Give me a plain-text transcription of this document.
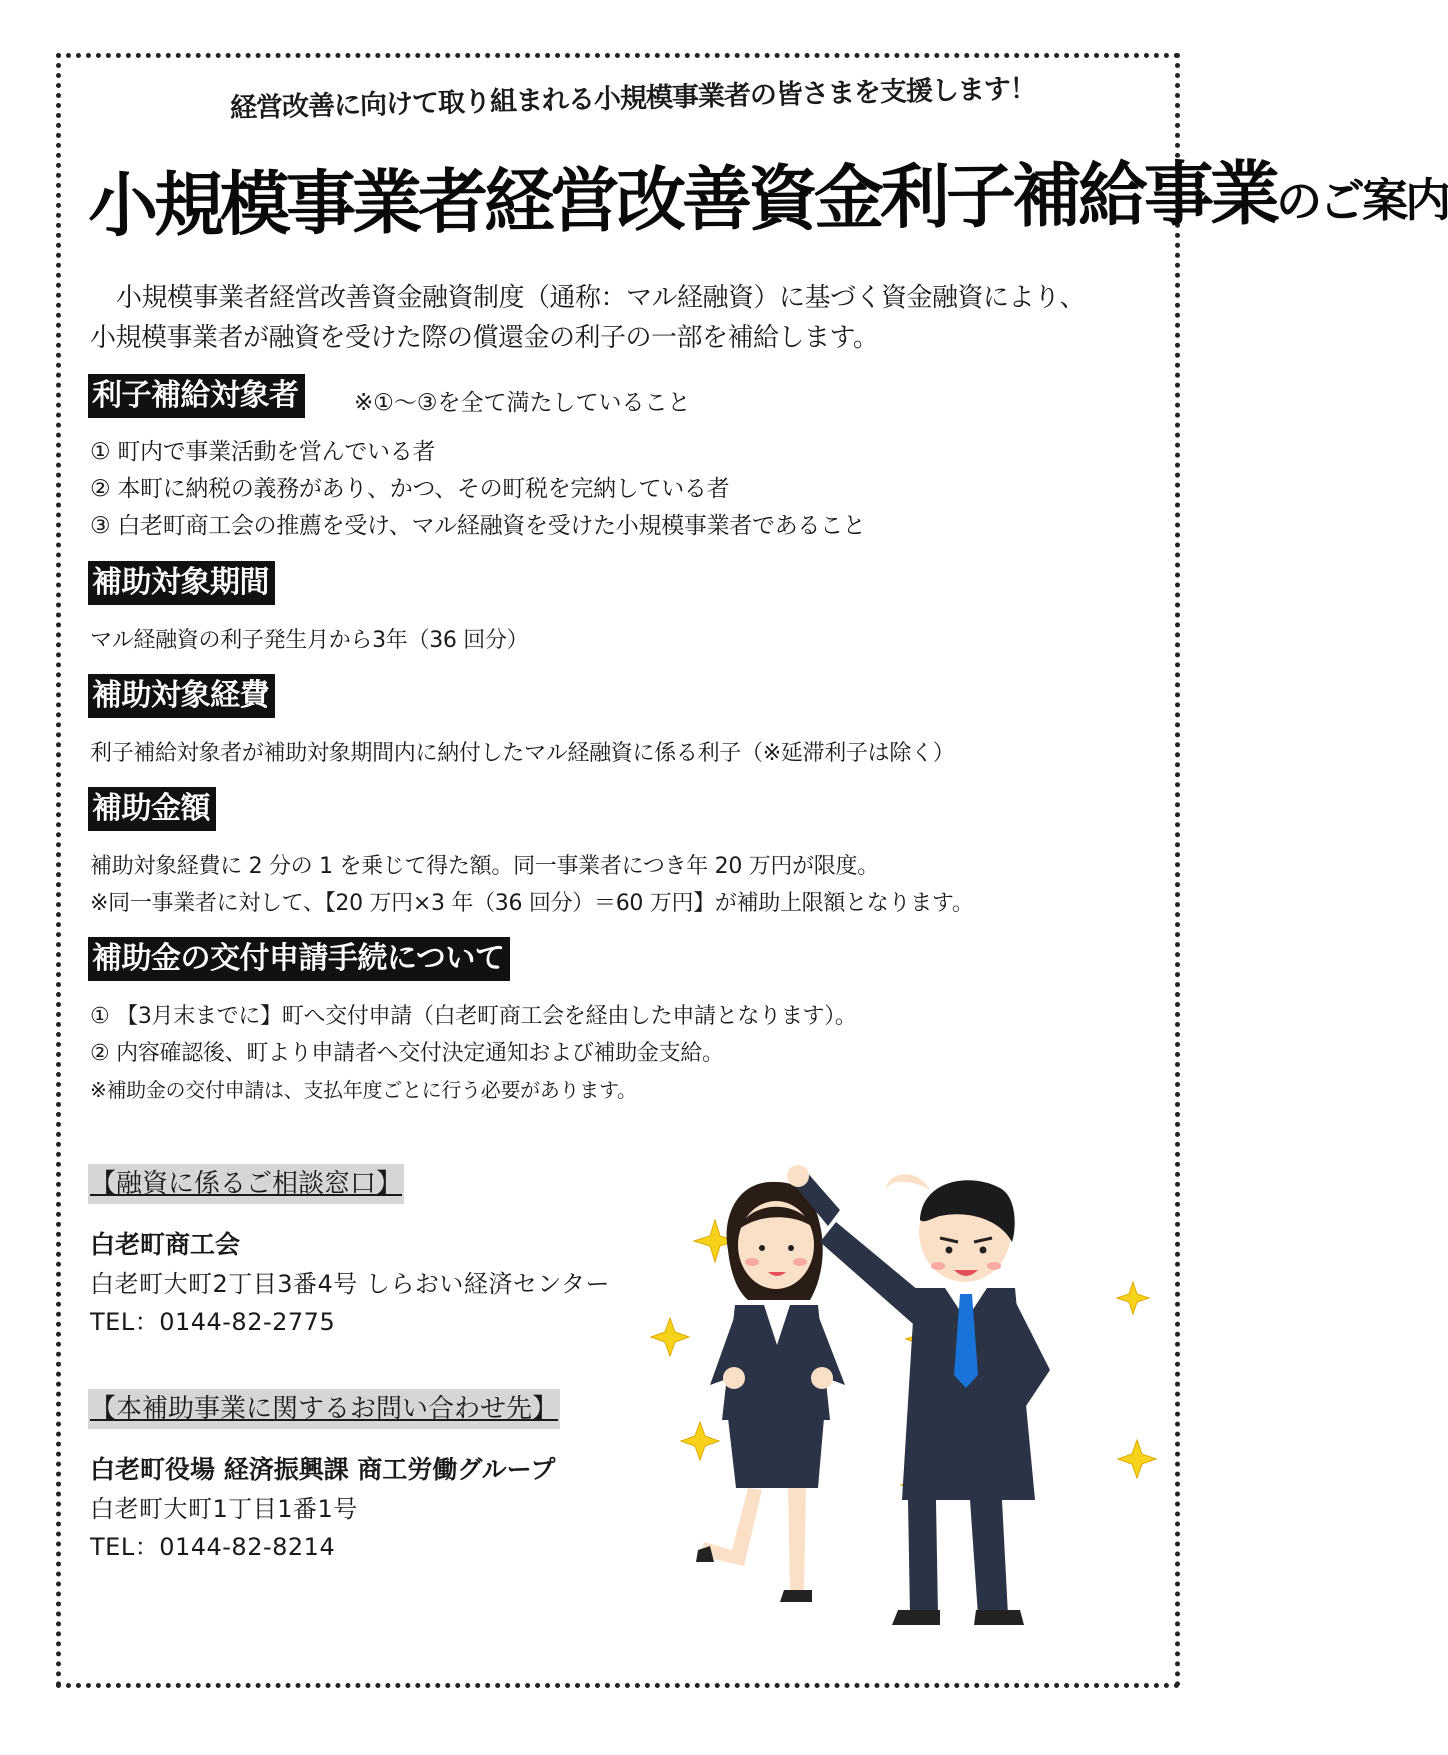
経営改善に向けて取り組まれる小規模事業者の皆さまを支援します！
小規模事業者経営改善資金利子補給事業のご案内
小規模事業者経営改善資金融資制度（通称：マル経融資）に基づく資金融資により、
小規模事業者が融資を受けた際の償還金の利子の一部を補給します。
利子補給対象者 ※①～③を全て満たしていること
① 町内で事業活動を営んでいる者
② 本町に納税の義務があり、かつ、その町税を完納している者
③ 白老町商工会の推薦を受け、マル経融資を受けた小規模事業者であること
補助対象期間
マル経融資の利子発生月から3年（36 回分）
補助対象経費
利子補給対象者が補助対象期間内に納付したマル経融資に係る利子（※延滞利子は除く）
補助金額
補助対象経費に 2 分の 1 を乗じて得た額。同一事業者につき年 20 万円が限度。
※同一事業者に対して、【20 万円×3 年（36 回分）＝60 万円】が補助上限額となります。
補助金の交付申請手続について
① 【3月末までに】町へ交付申請（白老町商工会を経由した申請となります）。
② 内容確認後、町より申請者へ交付決定通知および補助金支給。
※補助金の交付申請は、支払年度ごとに行う必要があります。
【融資に係るご相談窓口】
白老町商工会
白老町大町2丁目3番4号 しらおい経済センター
TEL：0144-82-2775
【本補助事業に関するお問い合わせ先】
白老町役場 経済振興課 商工労働グループ
白老町大町1丁目1番1号
TEL：0144-82-8214
